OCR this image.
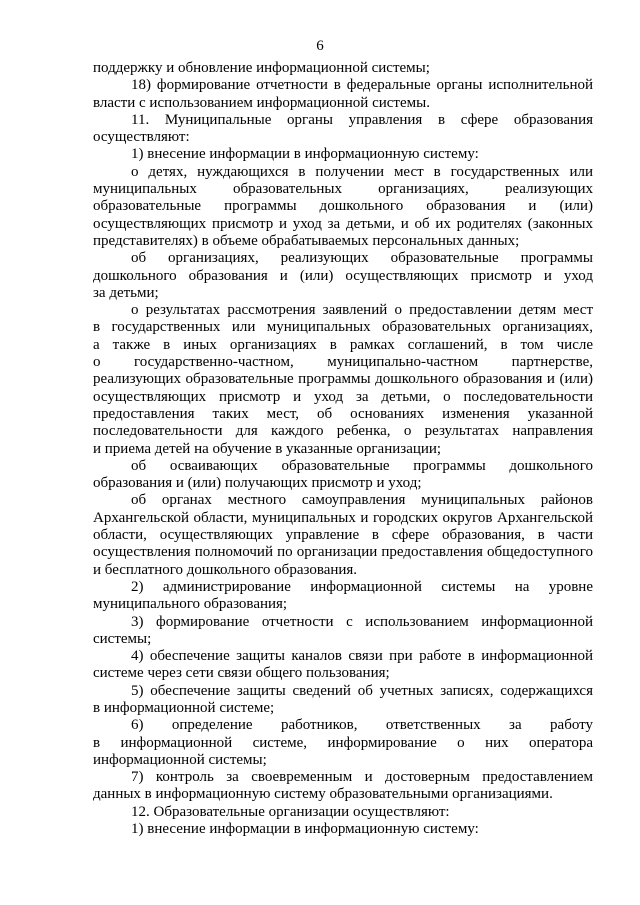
6
поддержку и обновление информационной системы;
18) формирование отчетности в федеральные органы исполнительной
власти с использованием информационной системы.
11. Муниципальные органы управления в сфере образования
осуществляют:
1) внесение информации в информационную систему:
о детях, нуждающихся в получении мест в государственных или
муниципальных образовательных организациях, реализующих
образовательные программы дошкольного образования и (или)
осуществляющих присмотр и уход за детьми, и об их родителях (законных
представителях) в объеме обрабатываемых персональных данных;
об организациях, реализующих образовательные программы
дошкольного образования и (или) осуществляющих присмотр и уход
за детьми;
о результатах рассмотрения заявлений о предоставлении детям мест
в государственных или муниципальных образовательных организациях,
а также в иных организациях в рамках соглашений, в том числе
о государственно-частном, муниципально-частном партнерстве,
реализующих образовательные программы дошкольного образования и (или)
осуществляющих присмотр и уход за детьми, о последовательности
предоставления таких мест, об основаниях изменения указанной
последовательности для каждого ребенка, о результатах направления
и приема детей на обучение в указанные организации;
об осваивающих образовательные программы дошкольного
образования и (или) получающих присмотр и уход;
об органах местного самоуправления муниципальных районов
Архангельской области, муниципальных и городских округов Архангельской
области, осуществляющих управление в сфере образования, в части
осуществления полномочий по организации предоставления общедоступного
и бесплатного дошкольного образования.
2) администрирование информационной системы на уровне
муниципального образования;
3) формирование отчетности с использованием информационной
системы;
4) обеспечение защиты каналов связи при работе в информационной
системе через сети связи общего пользования;
5) обеспечение защиты сведений об учетных записях, содержащихся
в информационной системе;
6) определение работников, ответственных за работу
в информационной системе, информирование о них оператора
информационной системы;
7) контроль за своевременным и достоверным предоставлением
данных в информационную систему образовательными организациями.
12. Образовательные организации осуществляют:
1) внесение информации в информационную систему:
